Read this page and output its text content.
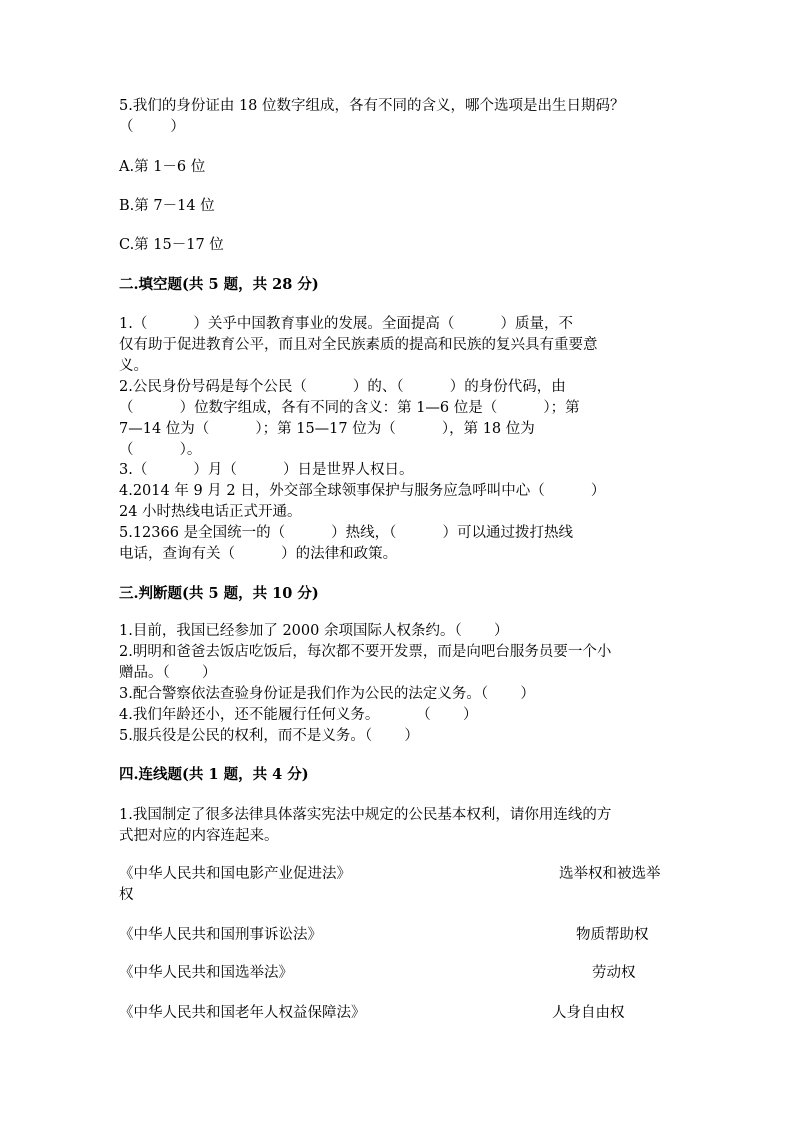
5.我们的身份证由 18 位数字组成，各有不同的含义，哪个选项是出生日期码？
（        ）
A.第 1－6 位
B.第 7－14 位
C.第 15－17 位
二.填空题(共 5 题，共 28 分)
1.（          ）关乎中国教育事业的发展。全面提高（          ）质量，不
仅有助于促进教育公平，而且对全民族素质的提高和民族的复兴具有重要意
义。
2.公民身份号码是每个公民（          ）的、（          ）的身份代码，由
（          ）位数字组成，各有不同的含义：第 1—6 位是（          ）；第
7—14 位为（          ）；第 15—17 位为（          ），第 18 位为
（          ）。
3.（          ）月（          ）日是世界人权日。
4.2014 年 9 月 2 日，外交部全球领事保护与服务应急呼叫中心（          ）
24 小时热线电话正式开通。
5.12366 是全国统一的（          ）热线，（          ）可以通过拨打热线
电话，查询有关（          ）的法律和政策。
三.判断题(共 5 题，共 10 分)
1.目前，我国已经参加了 2000 余项国际人权条约。（       ）
2.明明和爸爸去饭店吃饭后，每次都不要开发票，而是向吧台服务员要一个小
赠品。（       ）
3.配合警察依法查验身份证是我们作为公民的法定义务。（       ）
4.我们年龄还小，还不能履行任何义务。        （       ）
5.服兵役是公民的权利，而不是义务。（       ）
四.连线题(共 1 题，共 4 分)
1.我国制定了很多法律具体落实宪法中规定的公民基本权利，请你用连线的方
式把对应的内容连起来。
《中华人民共和国电影产业促进法》	选举权和被选举
权
《中华人民共和国刑事诉讼法》	物质帮助权
《中华人民共和国选举法》	劳动权
《中华人民共和国老年人权益保障法》	人身自由权
